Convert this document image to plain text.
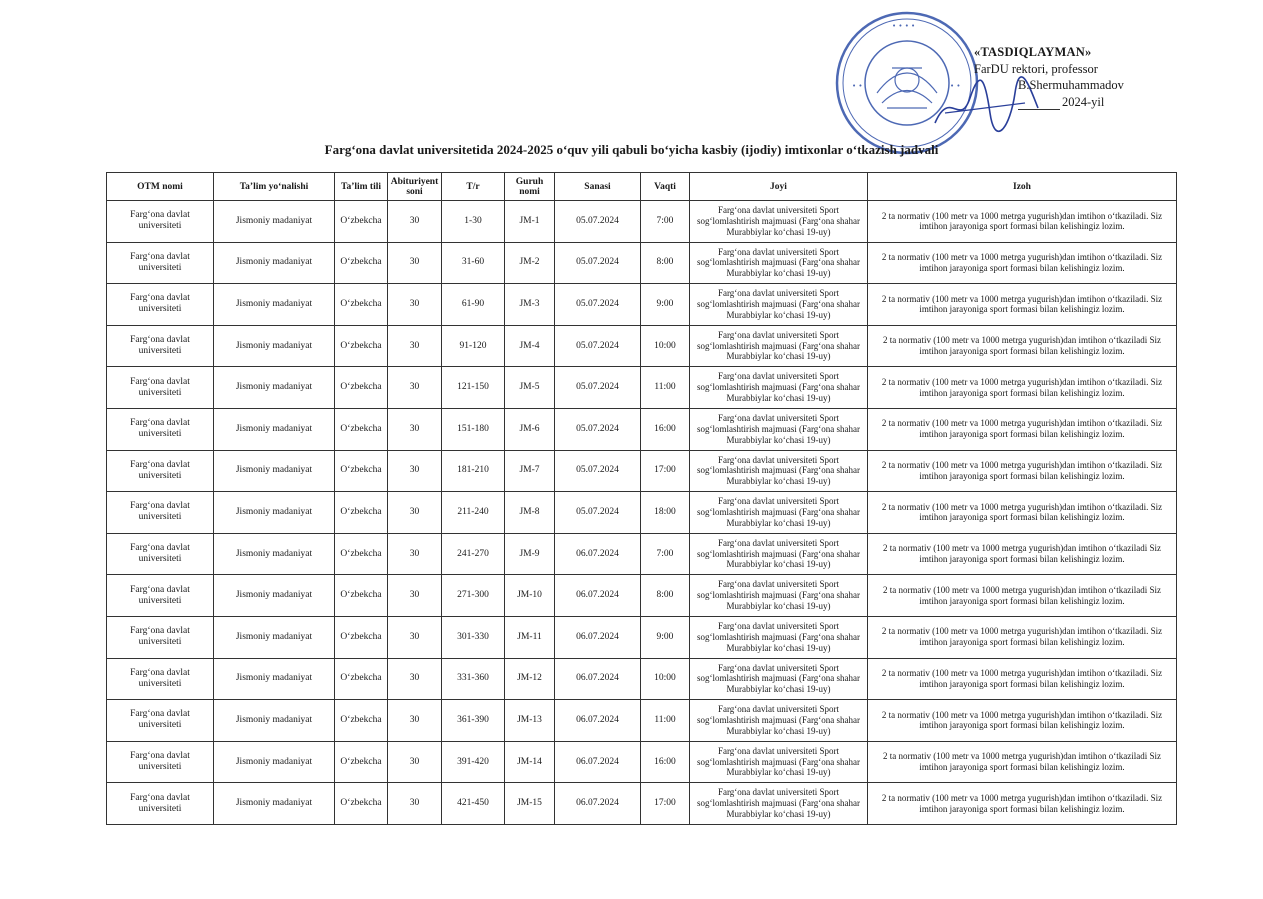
• • • •
• •	• •
«TASDIQLAYMAN»
FarDU rektori, professor
B.Shermuhammadov
2024-yil
Farg‘ona davlat universitetida 2024-2025 o‘quv yili qabuli bo‘yicha kasbiy (ijodiy) imtixonlar o‘tkazish jadvali
OTM nomi	Ta’lim yo‘nalishi	Ta’lim tili	Abituriyent soni	T/r	Guruh nomi	Sanasi	Vaqti	Joyi	Izoh
Farg‘ona davlat universiteti	Jismoniy madaniyat	O‘zbekcha	30	1-30	JM-1	05.07.2024	7:00	Farg‘ona davlat universiteti Sport sog‘lomlashtirish majmuasi (Farg‘ona shahar Murabbiylar ko‘chasi 19-uy)	2 ta normativ (100 metr va 1000 metrga yugurish)dan imtihon o‘tkaziladi. Siz imtihon jarayoniga sport formasi bilan kelishingiz lozim.
Farg‘ona davlat universiteti	Jismoniy madaniyat	O‘zbekcha	30	31-60	JM-2	05.07.2024	8:00	Farg‘ona davlat universiteti Sport sog‘lomlashtirish majmuasi (Farg‘ona shahar Murabbiylar ko‘chasi 19-uy)	2 ta normativ (100 metr va 1000 metrga yugurish)dan imtihon o‘tkaziladi. Siz imtihon jarayoniga sport formasi bilan kelishingiz lozim.
Farg‘ona davlat universiteti	Jismoniy madaniyat	O‘zbekcha	30	61-90	JM-3	05.07.2024	9:00	Farg‘ona davlat universiteti Sport sog‘lomlashtirish majmuasi (Farg‘ona shahar Murabbiylar ko‘chasi 19-uy)	2 ta normativ (100 metr va 1000 metrga yugurish)dan imtihon o‘tkaziladi. Siz imtihon jarayoniga sport formasi bilan kelishingiz lozim.
Farg‘ona davlat universiteti	Jismoniy madaniyat	O‘zbekcha	30	91-120	JM-4	05.07.2024	10:00	Farg‘ona davlat universiteti Sport sog‘lomlashtirish majmuasi (Farg‘ona shahar Murabbiylar ko‘chasi 19-uy)	2 ta normativ (100 metr va 1000 metrga yugurish)dan imtihon o‘tkaziladi Siz imtihon jarayoniga sport formasi bilan kelishingiz lozim.
Farg‘ona davlat universiteti	Jismoniy madaniyat	O‘zbekcha	30	121-150	JM-5	05.07.2024	11:00	Farg‘ona davlat universiteti Sport sog‘lomlashtirish majmuasi (Farg‘ona shahar Murabbiylar ko‘chasi 19-uy)	2 ta normativ (100 metr va 1000 metrga yugurish)dan imtihon o‘tkaziladi. Siz imtihon jarayoniga sport formasi bilan kelishingiz lozim.
Farg‘ona davlat universiteti	Jismoniy madaniyat	O‘zbekcha	30	151-180	JM-6	05.07.2024	16:00	Farg‘ona davlat universiteti Sport sog‘lomlashtirish majmuasi (Farg‘ona shahar Murabbiylar ko‘chasi 19-uy)	2 ta normativ (100 metr va 1000 metrga yugurish)dan imtihon o‘tkaziladi. Siz imtihon jarayoniga sport formasi bilan kelishingiz lozim.
Farg‘ona davlat universiteti	Jismoniy madaniyat	O‘zbekcha	30	181-210	JM-7	05.07.2024	17:00	Farg‘ona davlat universiteti Sport sog‘lomlashtirish majmuasi (Farg‘ona shahar Murabbiylar ko‘chasi 19-uy)	2 ta normativ (100 metr va 1000 metrga yugurish)dan imtihon o‘tkaziladi. Siz imtihon jarayoniga sport formasi bilan kelishingiz lozim.
Farg‘ona davlat universiteti	Jismoniy madaniyat	O‘zbekcha	30	211-240	JM-8	05.07.2024	18:00	Farg‘ona davlat universiteti Sport sog‘lomlashtirish majmuasi (Farg‘ona shahar Murabbiylar ko‘chasi 19-uy)	2 ta normativ (100 metr va 1000 metrga yugurish)dan imtihon o‘tkaziladi. Siz imtihon jarayoniga sport formasi bilan kelishingiz lozim.
Farg‘ona davlat universiteti	Jismoniy madaniyat	O‘zbekcha	30	241-270	JM-9	06.07.2024	7:00	Farg‘ona davlat universiteti Sport sog‘lomlashtirish majmuasi (Farg‘ona shahar Murabbiylar ko‘chasi 19-uy)	2 ta normativ (100 metr va 1000 metrga yugurish)dan imtihon o‘tkaziladi Siz imtihon jarayoniga sport formasi bilan kelishingiz lozim.
Farg‘ona davlat universiteti	Jismoniy madaniyat	O‘zbekcha	30	271-300	JM-10	06.07.2024	8:00	Farg‘ona davlat universiteti Sport sog‘lomlashtirish majmuasi (Farg‘ona shahar Murabbiylar ko‘chasi 19-uy)	2 ta normativ (100 metr va 1000 metrga yugurish)dan imtihon o‘tkaziladi Siz imtihon jarayoniga sport formasi bilan kelishingiz lozim.
Farg‘ona davlat universiteti	Jismoniy madaniyat	O‘zbekcha	30	301-330	JM-11	06.07.2024	9:00	Farg‘ona davlat universiteti Sport sog‘lomlashtirish majmuasi (Farg‘ona shahar Murabbiylar ko‘chasi 19-uy)	2 ta normativ (100 metr va 1000 metrga yugurish)dan imtihon o‘tkaziladi. Siz imtihon jarayoniga sport formasi bilan kelishingiz lozim.
Farg‘ona davlat universiteti	Jismoniy madaniyat	O‘zbekcha	30	331-360	JM-12	06.07.2024	10:00	Farg‘ona davlat universiteti Sport sog‘lomlashtirish majmuasi (Farg‘ona shahar Murabbiylar ko‘chasi 19-uy)	2 ta normativ (100 metr va 1000 metrga yugurish)dan imtihon o‘tkaziladi. Siz imtihon jarayoniga sport formasi bilan kelishingiz lozim.
Farg‘ona davlat universiteti	Jismoniy madaniyat	O‘zbekcha	30	361-390	JM-13	06.07.2024	11:00	Farg‘ona davlat universiteti Sport sog‘lomlashtirish majmuasi (Farg‘ona shahar Murabbiylar ko‘chasi 19-uy)	2 ta normativ (100 metr va 1000 metrga yugurish)dan imtihon o‘tkaziladi. Siz imtihon jarayoniga sport formasi bilan kelishingiz lozim.
Farg‘ona davlat universiteti	Jismoniy madaniyat	O‘zbekcha	30	391-420	JM-14	06.07.2024	16:00	Farg‘ona davlat universiteti Sport sog‘lomlashtirish majmuasi (Farg‘ona shahar Murabbiylar ko‘chasi 19-uy)	2 ta normativ (100 metr va 1000 metrga yugurish)dan imtihon o‘tkaziladi Siz imtihon jarayoniga sport formasi bilan kelishingiz lozim.
Farg‘ona davlat universiteti	Jismoniy madaniyat	O‘zbekcha	30	421-450	JM-15	06.07.2024	17:00	Farg‘ona davlat universiteti Sport sog‘lomlashtirish majmuasi (Farg‘ona shahar Murabbiylar ko‘chasi 19-uy)	2 ta normativ (100 metr va 1000 metrga yugurish)dan imtihon o‘tkaziladi. Siz imtihon jarayoniga sport formasi bilan kelishingiz lozim.
